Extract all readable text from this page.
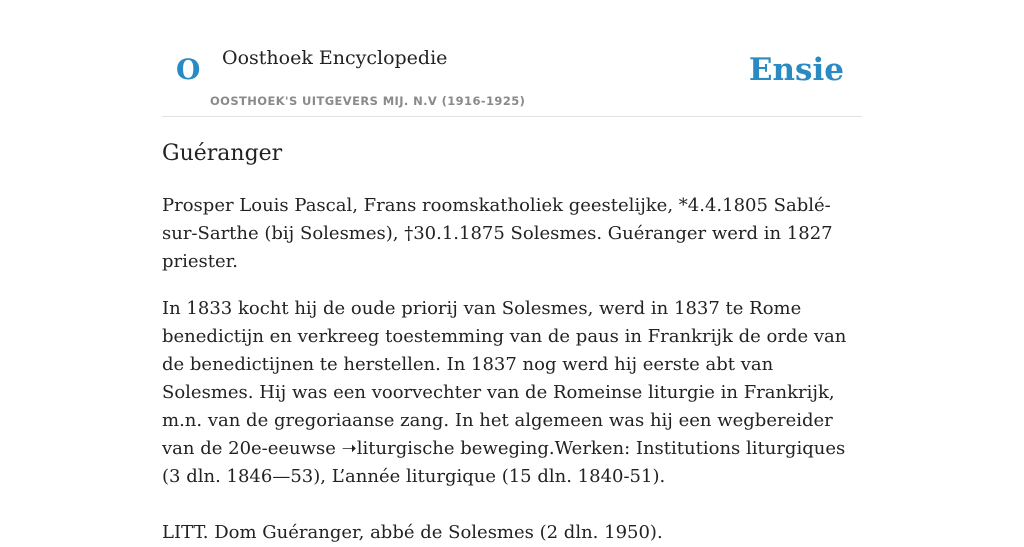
O Oosthoek Encyclopedie
OOSTHOEK'S UITGEVERS MIJ. N.V (1916-1925)
Ensie
Guéranger

Prosper Louis Pascal, Frans roomskatholiek geestelijke, *4.4.1805 Sablé-sur-Sarthe (bij Solesmes), †30.1.1875 Solesmes. Guéranger werd in 1827 priester.

In 1833 kocht hij de oude priorij van Solesmes, werd in 1837 te Rome benedictijn en verkreeg toestemming van de paus in Frankrijk de orde van de benedictijnen te herstellen. In 1837 nog werd hij eerste abt van Solesmes. Hij was een voorvechter van de Romeinse liturgie in Frankrijk, m.n. van de gregoriaanse zang. In het algemeen was hij een wegbereider van de 20e-eeuwse ➝liturgische beweging.Werken: Institutions liturgiques (3 dln. 1846—53), L’année liturgique (15 dln. 1840-51).

LITT. Dom Guéranger, abbé de Solesmes (2 dln. 1950).
